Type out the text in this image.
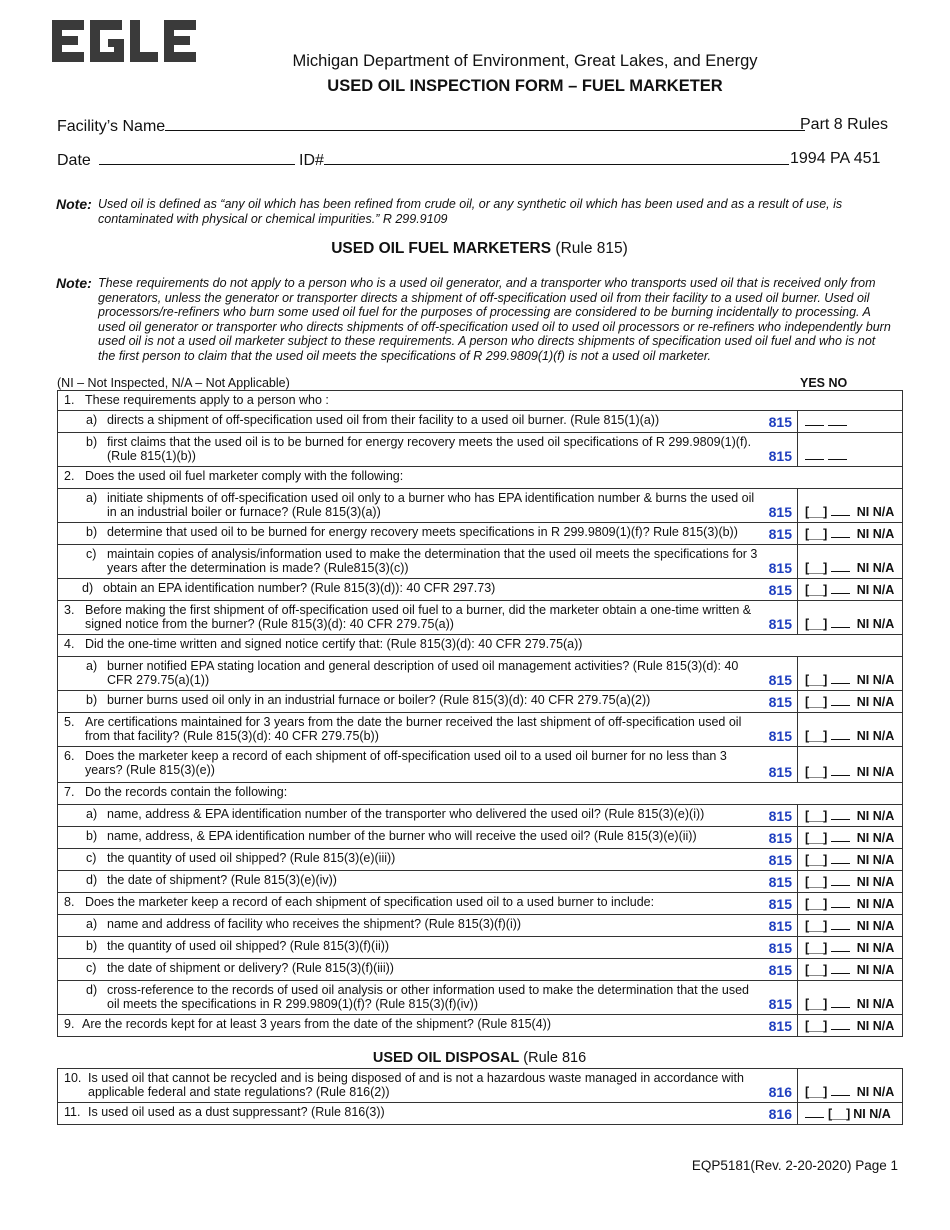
Michigan Department of Environment, Great Lakes, and Energy
USED OIL INSPECTION FORM – FUEL MARKETER
Facility’s Name	Part 8 Rules
Date	ID#	1994 PA 451
Note: Used oil is defined as “any oil which has been refined from crude oil, or any synthetic oil which has been used and as a result of use, is contaminated with physical or chemical impurities.” R 299.9109
USED OIL FUEL MARKETERS (Rule 815)
Note: These requirements do not apply to a person who is a used oil generator, and a transporter who transports used oil that is received only from generators, unless the generator or transporter directs a shipment of off-specification used oil from their facility to a used oil burner. Used oil processors/re-refiners who burn some used oil fuel for the purposes of processing are considered to be burning incidentally to processing. A used oil generator or transporter who directs shipments of off-specification used oil to used oil processors or re-refiners who independently burn used oil is not a used oil marketer subject to these requirements. A person who directs shipments of specification used oil fuel and who is not the first person to claim that the used oil meets the specifications of R 299.9809(1)(f) is not a used oil marketer.
(NI – Not Inspected, N/A – Not Applicable)	YES NO
1. These requirements apply to a person who :		

a) directs a shipment of off-specification used oil from their facility to a used oil burner. (Rule 815(1)(a))	815	

b) first claims that the used oil is to be burned for energy recovery meets the used oil specifications of R 299.9809(1)(f). (Rule 815(1)(b))	815	

2. Does the used oil fuel marketer comply with the following:		

a) initiate shipments of off-specification used oil only to a burner who has EPA identification number & burns the used oil in an industrial boiler or furnace? (Rule 815(3)(a))	815	[__] NI N/A

b) determine that used oil to be burned for energy recovery meets specifications in R 299.9809(1)(f)? Rule 815(3)(b))	815	[__] NI N/A

c) maintain copies of analysis/information used to make the determination that the used oil meets the specifications for 3 years after the determination is made? (Rule815(3)(c))	815	[__] NI N/A

d) obtain an EPA identification number? (Rule 815(3)(d)): 40 CFR 297.73)	815	[__] NI N/A

3. Before making the first shipment of off-specification used oil fuel to a burner, did the marketer obtain a one-time written & signed notice from the burner? (Rule 815(3)(d): 40 CFR 279.75(a))	815	[__] NI N/A

4. Did the one-time written and signed notice certify that: (Rule 815(3)(d): 40 CFR 279.75(a))		

a) burner notified EPA stating location and general description of used oil management activities? (Rule 815(3)(d): 40 CFR 279.75(a)(1))	815	[__] NI N/A

b) burner burns used oil only in an industrial furnace or boiler? (Rule 815(3)(d): 40 CFR 279.75(a)(2))	815	[__] NI N/A

5. Are certifications maintained for 3 years from the date the burner received the last shipment of off-specification used oil from that facility? (Rule 815(3)(d): 40 CFR 279.75(b))	815	[__] NI N/A

6. Does the marketer keep a record of each shipment of off-specification used oil to a used oil burner for no less than 3 years? (Rule 815(3)(e))	815	[__] NI N/A

7. Do the records contain the following:		

a) name, address & EPA identification number of the transporter who delivered the used oil? (Rule 815(3)(e)(i))	815	[__] NI N/A

b) name, address, & EPA identification number of the burner who will receive the used oil? (Rule 815(3)(e)(ii))	815	[__] NI N/A

c) the quantity of used oil shipped? (Rule 815(3)(e)(iii))	815	[__] NI N/A

d) the date of shipment? (Rule 815(3)(e)(iv))	815	[__] NI N/A

8. Does the marketer keep a record of each shipment of specification used oil to a used burner to include:	815	[__] NI N/A

a) name and address of facility who receives the shipment? (Rule 815(3)(f)(i))	815	[__] NI N/A

b) the quantity of used oil shipped? (Rule 815(3)(f)(ii))	815	[__] NI N/A

c) the date of shipment or delivery? (Rule 815(3)(f)(iii))	815	[__] NI N/A

d) cross-reference to the records of used oil analysis or other information used to make the determination that the used oil meets the specifications in R 299.9809(1)(f)? (Rule 815(3)(f)(iv))	815	[__] NI N/A

9. Are the records kept for at least 3 years from the date of the shipment? (Rule 815(4))	815	[__] NI N/A
USED OIL DISPOSAL (Rule 816
10. Is used oil that cannot be recycled and is being disposed of and is not a hazardous waste managed in accordance with applicable federal and state regulations? (Rule 816(2))	816	[__] NI N/A

11. Is used oil used as a dust suppressant? (Rule 816(3))	816	[__] NI N/A
EQP5181(Rev. 2-20-2020) Page 1
